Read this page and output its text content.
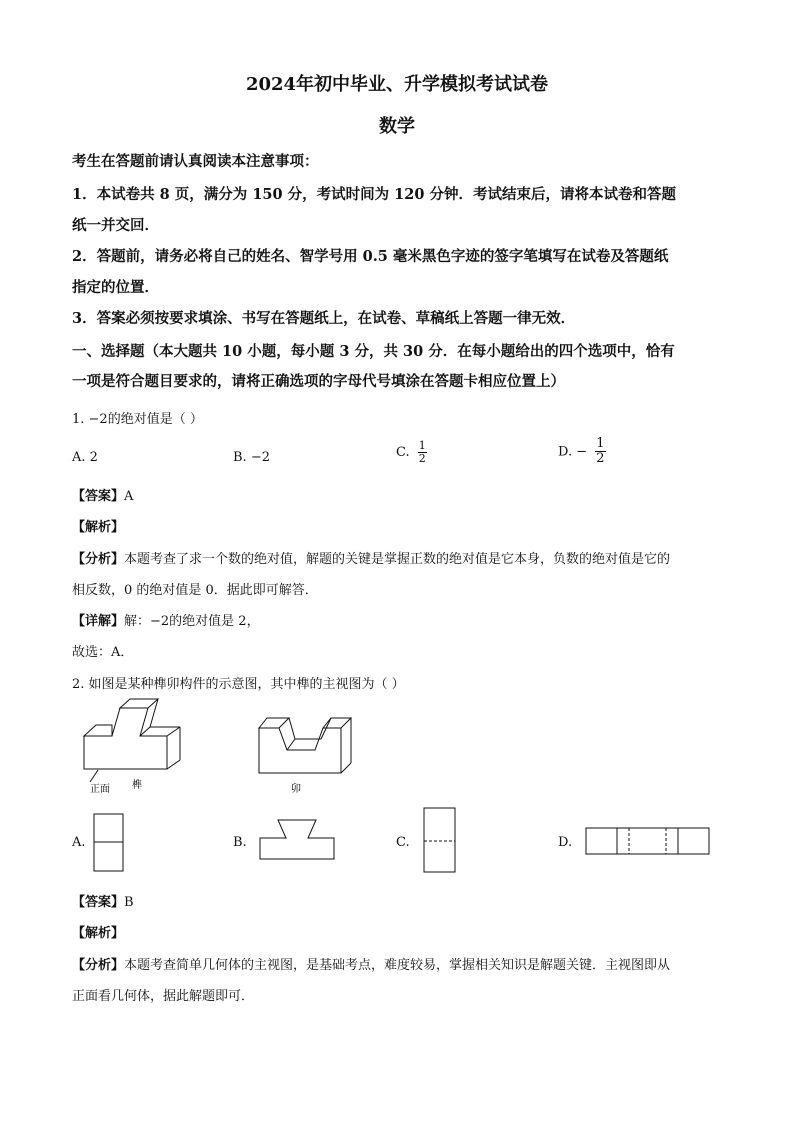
2024年初中毕业、升学模拟考试试卷
数学
考生在答题前请认真阅读本注意事项：
1．本试卷共 8 页，满分为 150 分，考试时间为 120 分钟．考试结束后，请将本试卷和答题
纸一并交回．
2．答题前，请务必将自己的姓名、智学号用 0.5 毫米黑色字迹的签字笔填写在试卷及答题纸
指定的位置．
3．答案必须按要求填涂、书写在答题纸上，在试卷、草稿纸上答题一律无效．
一、选择题（本大题共 10 小题，每小题 3 分，共 30 分．在每小题给出的四个选项中，恰有
一项是符合题目要求的，请将正确选项的字母代号填涂在答题卡相应位置上）
1. −2的绝对值是（ ）
A. 2	B. −2	C. $\frac{1}{2}$	D. − $\frac{1}{2}$
【答案】A
【解析】
【分析】本题考查了求一个数的绝对值，解题的关键是掌握正数的绝对值是它本身，负数的绝对值是它的
相反数，0 的绝对值是 0．据此即可解答．
【详解】解：−2的绝对值是 2，
故选：A．
2. 如图是某种榫卯构件的示意图，其中榫的主视图为（ ）
正面 榫	卯
A.	B.	C.	D.
【答案】B
【解析】
【分析】本题考查简单几何体的主视图，是基础考点，难度较易，掌握相关知识是解题关键．主视图即从
正面看几何体，据此解题即可．
